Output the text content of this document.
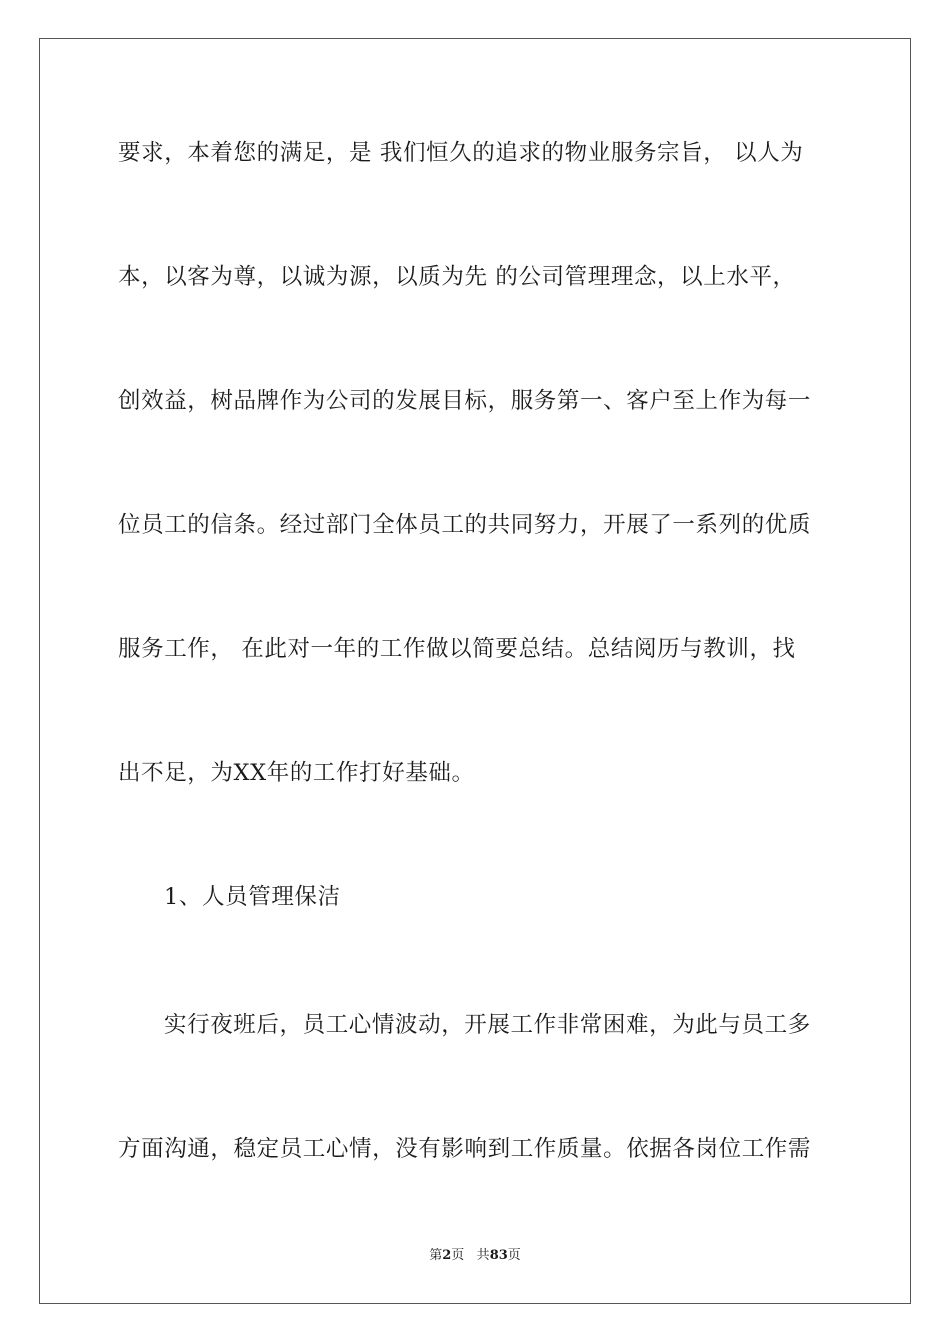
要求，本着您的满足，是 我们恒久的追求的物业服务宗旨， 以人为
本，以客为尊，以诚为源，以质为先 的公司管理理念，以上水平，
创效益，树品牌作为公司的发展目标，服务第一、客户至上作为每一
位员工的信条。经过部门全体员工的共同努力，开展了一系列的优质
服务工作， 在此对一年的工作做以简要总结。总结阅历与教训，找
出不足，为XX年的工作打好基础。
1、人员管理保洁
实行夜班后，员工心情波动，开展工作非常困难，为此与员工多
方面沟通，稳定员工心情，没有影响到工作质量。依据各岗位工作需
第2页 共83页
